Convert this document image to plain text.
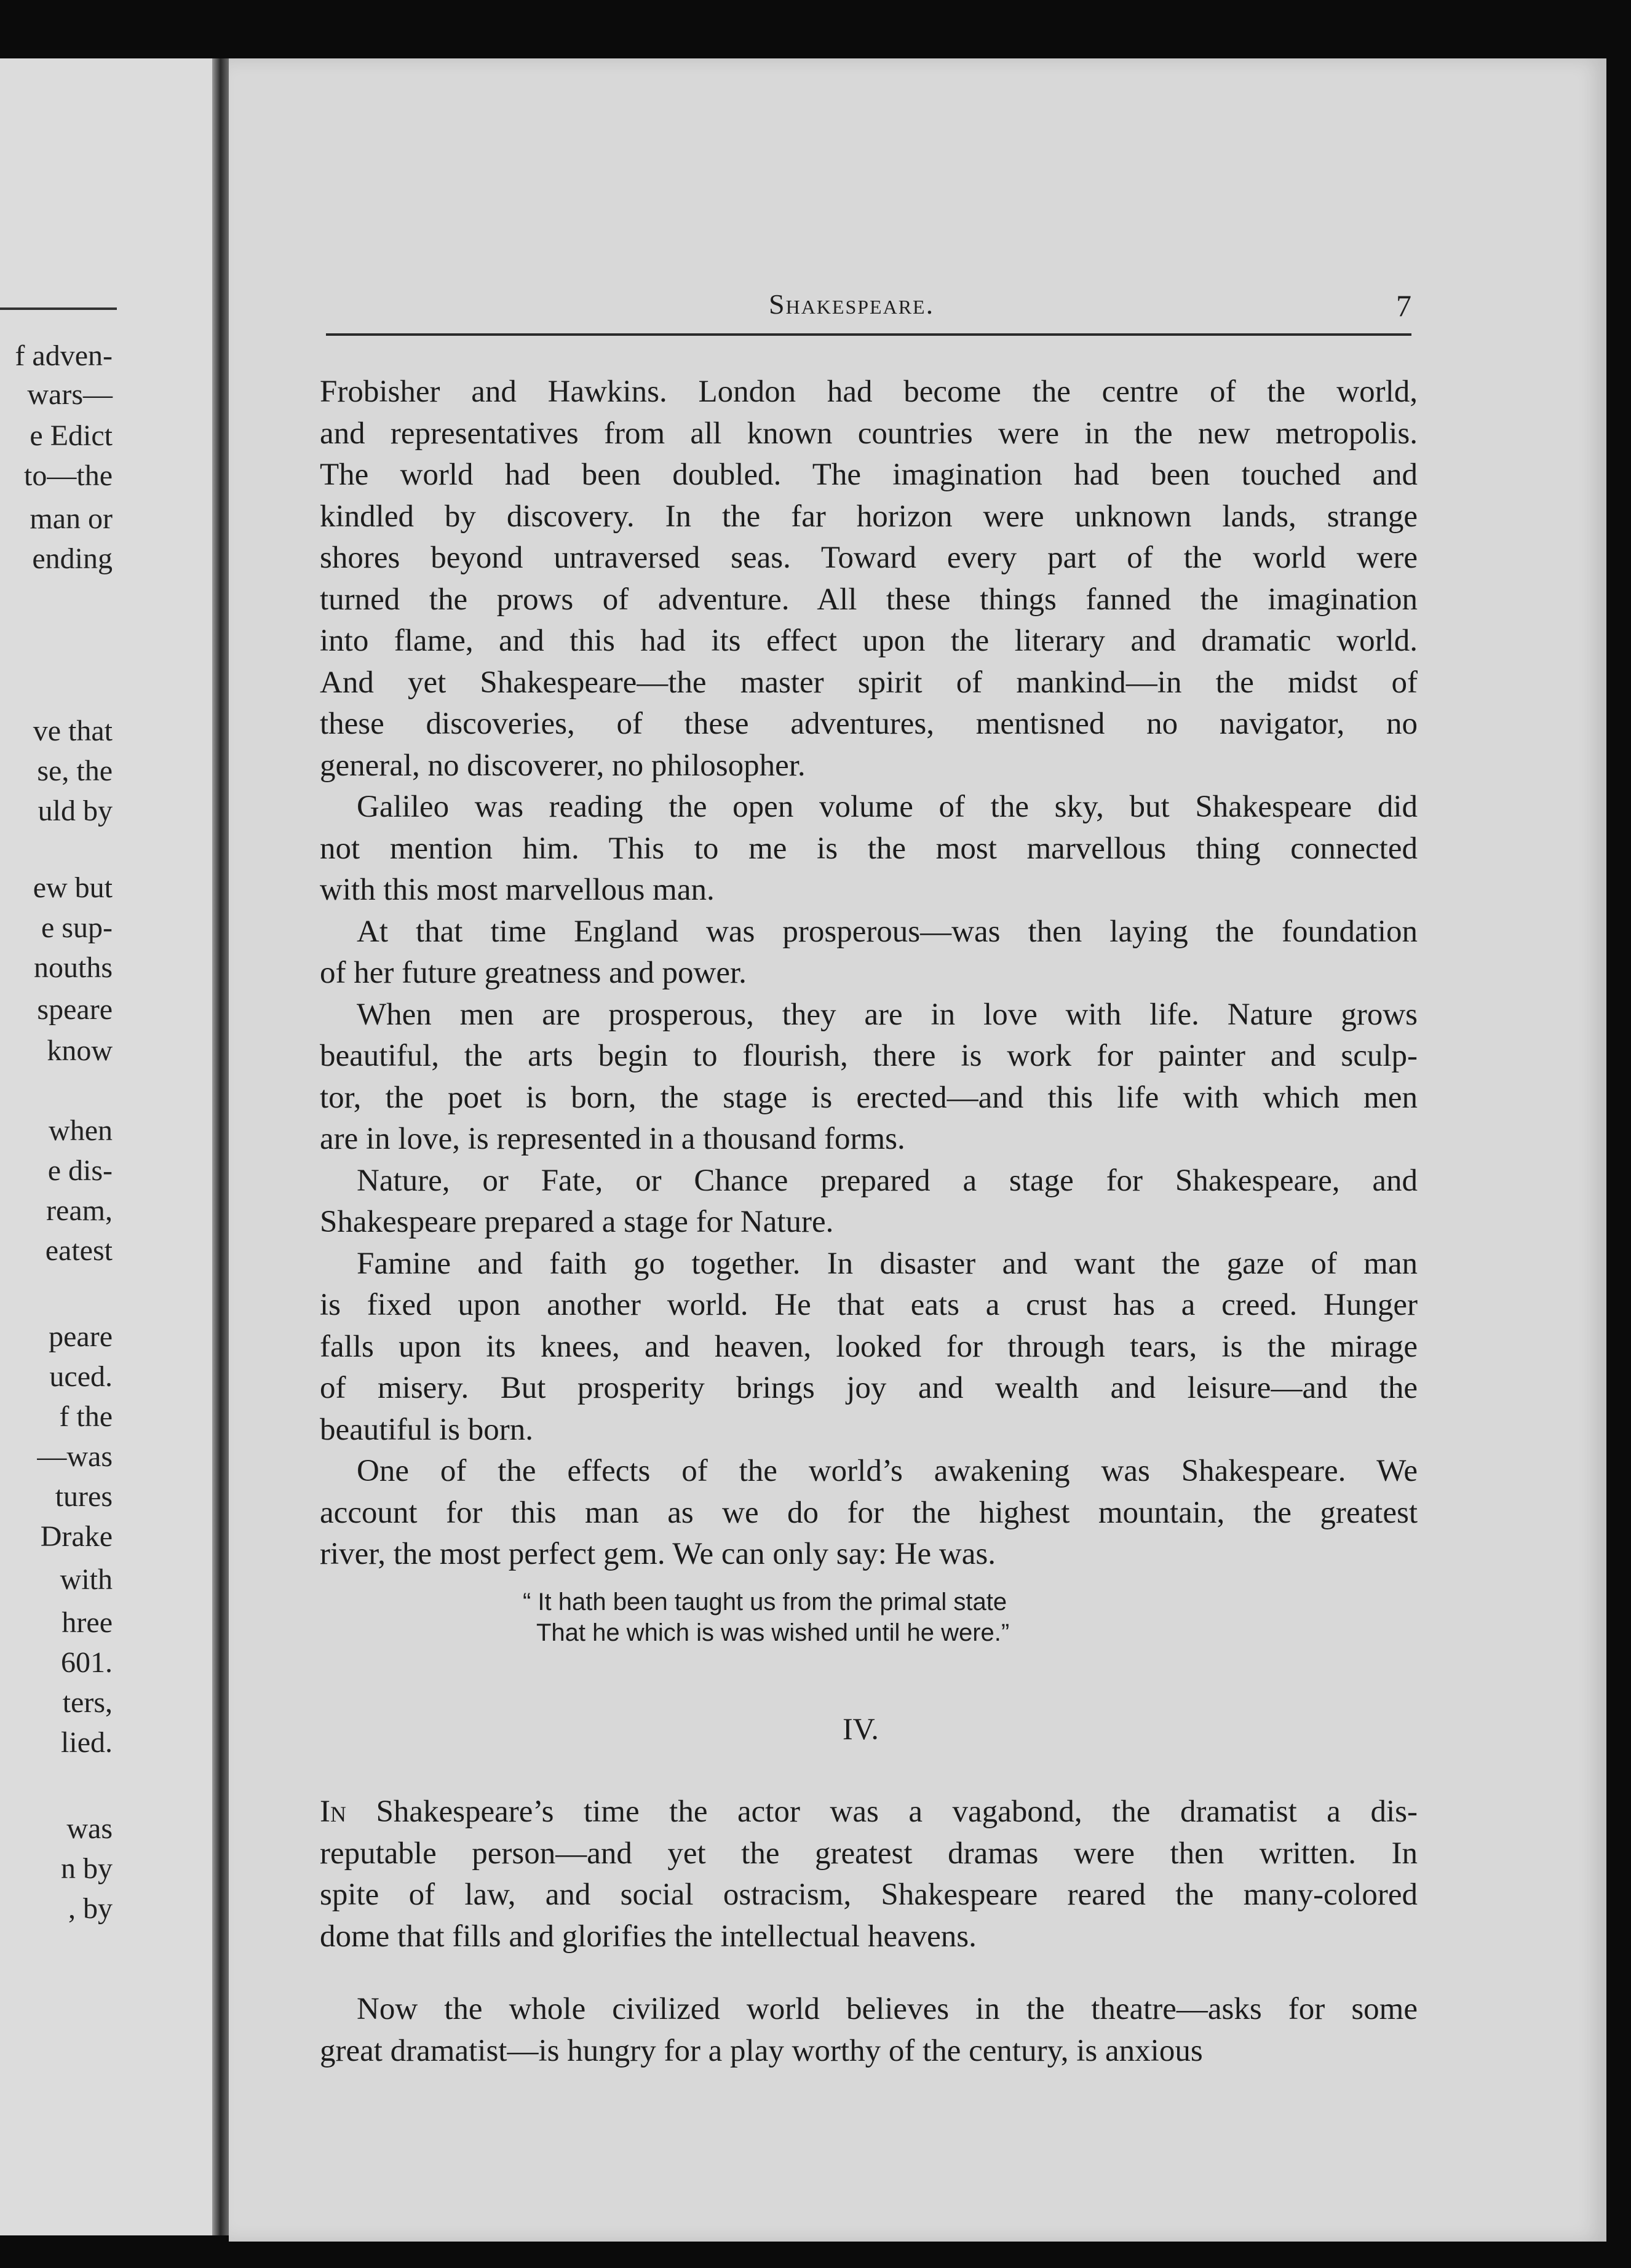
f adven-
wars—
e Edict
to—the
man or
ending
ve that
se, the
uld by
ew but
e sup-
nouths
speare
know
when
e dis-
ream,
eatest
peare
uced.
f the
—was
tures
Drake
with
hree
601.
ters,
lied.
was
n by
, by
Shakespeare.	7

Frobisher and Hawkins. London had become the centre of the world,
and representatives from all known countries were in the new metropolis.
The world had been doubled. The imagination had been touched and
kindled by discovery. In the far horizon were unknown lands, strange
shores beyond untraversed seas. Toward every part of the world were
turned the prows of adventure. All these things fanned the imagination
into flame, and this had its effect upon the literary and dramatic world.
And yet Shakespeare—the master spirit of mankind—in the midst of
these discoveries, of these adventures, mentisned no navigator, no
general, no discoverer, no philosopher.

Galileo was reading the open volume of the sky, but Shakespeare did
not mention him. This to me is the most marvellous thing connected
with this most marvellous man.

At that time England was prosperous—was then laying the foundation
of her future greatness and power.

When men are prosperous, they are in love with life. Nature grows
beautiful, the arts begin to flourish, there is work for painter and sculp-
tor, the poet is born, the stage is erected—and this life with which men
are in love, is represented in a thousand forms.

Nature, or Fate, or Chance prepared a stage for Shakespeare, and
Shakespeare prepared a stage for Nature.

Famine and faith go together. In disaster and want the gaze of man
is fixed upon another world. He that eats a crust has a creed. Hunger
falls upon its knees, and heaven, looked for through tears, is the mirage
of misery. But prosperity brings joy and wealth and leisure—and the
beautiful is born.

One of the effects of the world’s awakening was Shakespeare. We
account for this man as we do for the highest mountain, the greatest
river, the most perfect gem. We can only say: He was.

“ It hath been taught us from the primal state
That he which is was wished until he were.”
IV.

In Shakespeare’s time the actor was a vagabond, the dramatist a dis-
reputable person—and yet the greatest dramas were then written. In
spite of law, and social ostracism, Shakespeare reared the many-colored
dome that fills and glorifies the intellectual heavens.

Now the whole civilized world believes in the theatre—asks for some
great dramatist—is hungry for a play worthy of the century, is anxious
